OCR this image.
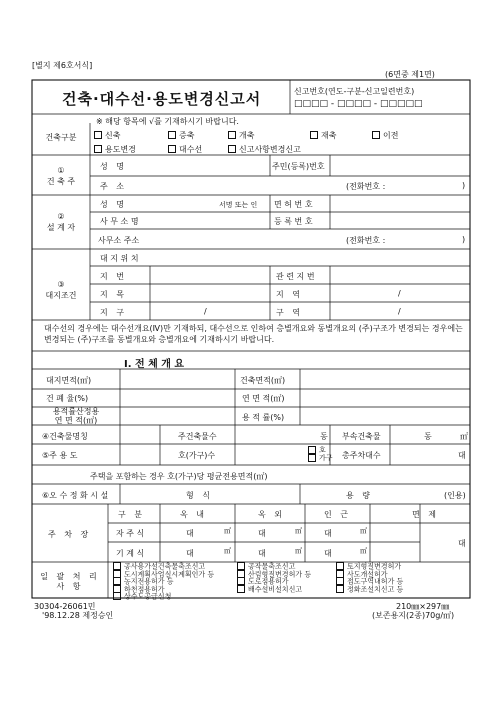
[별지 제6호서식]
(6면중 제1면)
건축·대수선·용도변경신고서	신고번호(연도-구분-신고일련번호)
□□□□ - □□□□ - □□□□□
※ 해당 항목에 √를 기재하시기 바랍니다.
건축구분	신축	증축	개축	재축	이전
용도변경	대수선	신고사항변경신고
①
건 축 주
성 명	주민(등록)번호
주 소	(전화번호 :	)
②
설 계 자
성 명	서명 또는 인 면 허 번 호
사 무 소 명	등 록 번 호
사무소 주소	(전화번호 :	)
③
대지조건
대 지 위 치
지 번	관 련 지 번
지 목	지 역	/
지 구	/	구 역	/
대수선의 경우에는 대수선개요(Ⅳ)만 기재하되, 대수선으로 인하여 층별개요와 동별개요의 (주)구조가 변경되는 경우에는 변경되는 (주)구조를 동별개요와 층별개요에 기재하시기 바랍니다.
Ⅰ. 전 체 개 요
대지면적(㎡)	건축면적(㎡)
건 폐 율(%)	연 면 적(㎡)
용적률산정용
연 면 적(㎡)	용 적 률(%)
④건축물명칭	주건축물수	동 부속건축물	동	㎡
⑤주 용 도	호(가구)수
호
가구 총주차대수	대
주택을 포함하는 경우 호(가구)당 평균전용면적(㎡)
⑥오 수 정 화 시 설	형 식	용 량	(인용)
주 차 장
구 분	옥 내	옥 외	인 근	면 제
자 주 식	대	㎡	대	㎡	대	㎡
기 계 식	대	㎡	대	㎡	대	㎡
대
일 괄 처 리
사 항
공사용가설건축물축조신고	공작물축조신고	토지형질변경허가
도시계획사업실시계획인가 등	산림형질변경허가 등	사도개설허가
농지전용허가 등	도로점용허가	접도구역내허가 등
하천점용허가	배수설비설치신고	정화조설치신고 등
상수도공급신청
30304-26061민
'98.12.28 제정승인
210㎜×297㎜
(보존용지(2종)70g/㎡)
